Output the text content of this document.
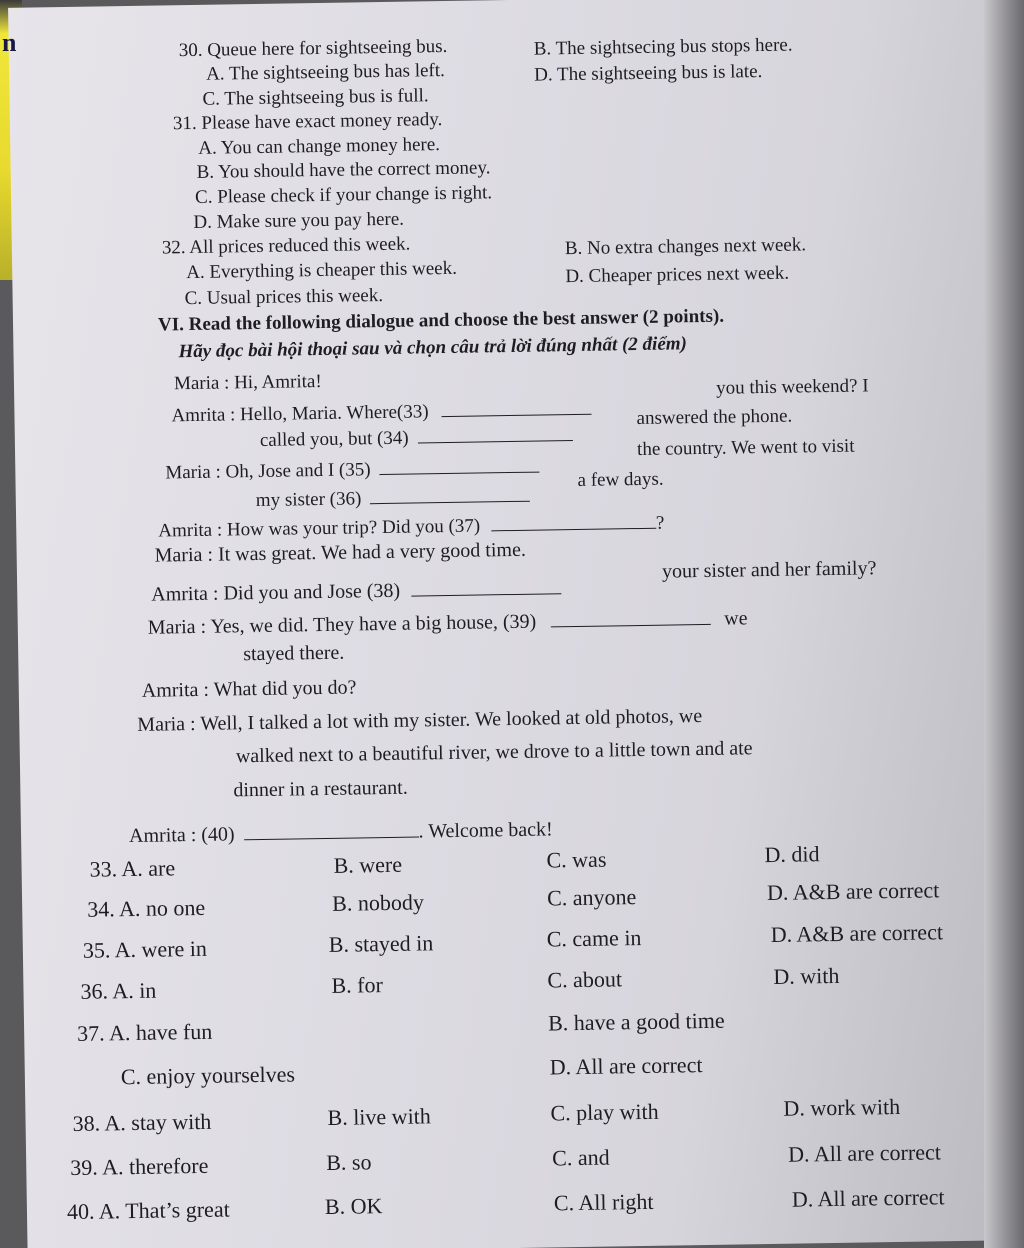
30. Queue here for sightseeing bus.
A. The sightseeing bus has left.
B. The sightsecing bus stops here.
C. The sightseeing bus is full.
D. The sightseeing bus is late.
31. Please have exact money ready.
A. You can change money here.
B. You should have the correct money.
C. Please check if your change is right.
D. Make sure you pay here.
32. All prices reduced this week.
A. Everything is cheaper this week.
B. No extra changes next week.
C. Usual prices this week.
D. Cheaper prices next week.
VI. Read the following dialogue and choose the best answer (2 points).
Hãy đọc bài hội thoại sau và chọn câu trả lời đúng nhất (2 điểm)
Maria : Hi, Amrita!
Amrita : Hello, Maria. Where(33)
you this weekend? I
called you, but (34)
answered the phone.
Maria : Oh, Jose and I (35)
the country. We went to visit
my sister (36)
a few days.
Amrita : How was your trip? Did you (37)	?
Maria : It was great. We had a very good time.
Amrita : Did you and Jose (38)
your sister and her family?
Maria : Yes, we did. They have a big house, (39)	we
stayed there.
Amrita : What did you do?
Maria : Well, I talked a lot with my sister. We looked at old photos, we
walked next to a beautiful river, we drove to a little town and ate
dinner in a restaurant.
Amrita : (40)	. Welcome back!
33. A. are	B. were	C. was	D. did
34. A. no one	B. nobody	C. anyone	D. A&B are correct
35. A. were in	B. stayed in	C. came in	D. A&B are correct
36. A. in	B. for	C. about	D. with
37. A. have fun	B. have a good time
C. enjoy yourselves	D. All are correct
38. A. stay with	B. live with	C. play with	D. work with
39. A. therefore	B. so	C. and	D. All are correct
40. A. That’s great	B. OK	C. All right	D. All are correct
n
